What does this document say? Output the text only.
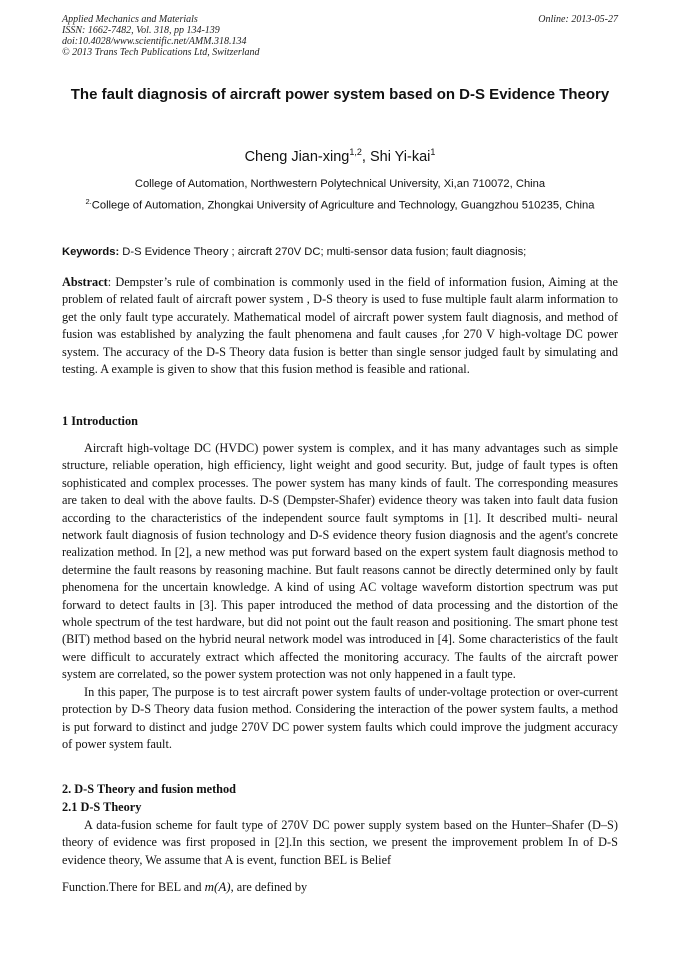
Applied Mechanics and Materials
ISSN: 1662-7482, Vol. 318, pp 134-139
doi:10.4028/www.scientific.net/AMM.318.134
© 2013 Trans Tech Publications Ltd, Switzerland
Online: 2013-05-27
The fault diagnosis of aircraft power system based on D-S Evidence Theory
Cheng Jian-xing$^{1,2}$, Shi Yi-kai$^1$
College of Automation, Northwestern Polytechnical University, Xi,an 710072, China
$^{2.}$College of Automation, Zhongkai University of Agriculture and Technology, Guangzhou 510235, China
Keywords: D-S Evidence Theory ; aircraft 270V DC; multi-sensor data fusion; fault diagnosis;
Abstract: Dempster’s rule of combination is commonly used in the field of information fusion, Aiming at the problem of related fault of aircraft power system , D-S theory is used to fuse multiple fault alarm information to get the only fault type accurately. Mathematical model of aircraft power system fault diagnosis, and method of fusion was established by analyzing the fault phenomena and fault causes ,for 270 V high-voltage DC power system. The accuracy of the D-S Theory data fusion is better than single sensor judged fault by simulating and testing. A example is given to show that this fusion method is feasible and rational.
1 Introduction

Aircraft high-voltage DC (HVDC) power system is complex, and it has many advantages such as simple structure, reliable operation, high efficiency, light weight and good security. But, judge of fault types is often sophisticated and complex processes. The power system has many kinds of fault. The corresponding measures are taken to deal with the above faults. D-S (Dempster-Shafer) evidence theory was taken into fault data fusion according to the characteristics of the independent source fault symptoms in [1]. It described multi- neural network fault diagnosis of fusion technology and D-S evidence theory fusion diagnosis and the agent's concrete realization method. In [2], a new method was put forward based on the expert system fault diagnosis method to determine the fault reasons by reasoning machine. But fault reasons cannot be directly determined only by fault phenomena for the uncertain knowledge. A kind of using AC voltage waveform distortion spectrum was put forward to detect faults in [3]. This paper introduced the method of data processing and the distortion of the whole spectrum of the test hardware, but did not point out the fault reason and positioning. The smart phone test (BIT) method based on the hybrid neural network model was introduced in [4]. Some characteristics of the fault were difficult to accurately extract which affected the monitoring accuracy. The faults of the aircraft power system are correlated, so the power system protection was not only happened in a fault type.

In this paper, The purpose is to test aircraft power system faults of under-voltage protection or over-current protection by D-S Theory data fusion method. Considering the interaction of the power system faults, a method is put forward to distinct and judge 270V DC power system faults which could improve the judgment accuracy of power system fault.

2. D-S Theory and fusion method
2.1 D-S Theory

A data-fusion scheme for fault type of 270V DC power supply system based on the Hunter–Shafer (D–S) theory of evidence was first proposed in [2].In this section, we present the improvement problem In of D-S evidence theory, We assume that A is event, function BEL is Belief

Function.There for BEL and m(A), are defined by
